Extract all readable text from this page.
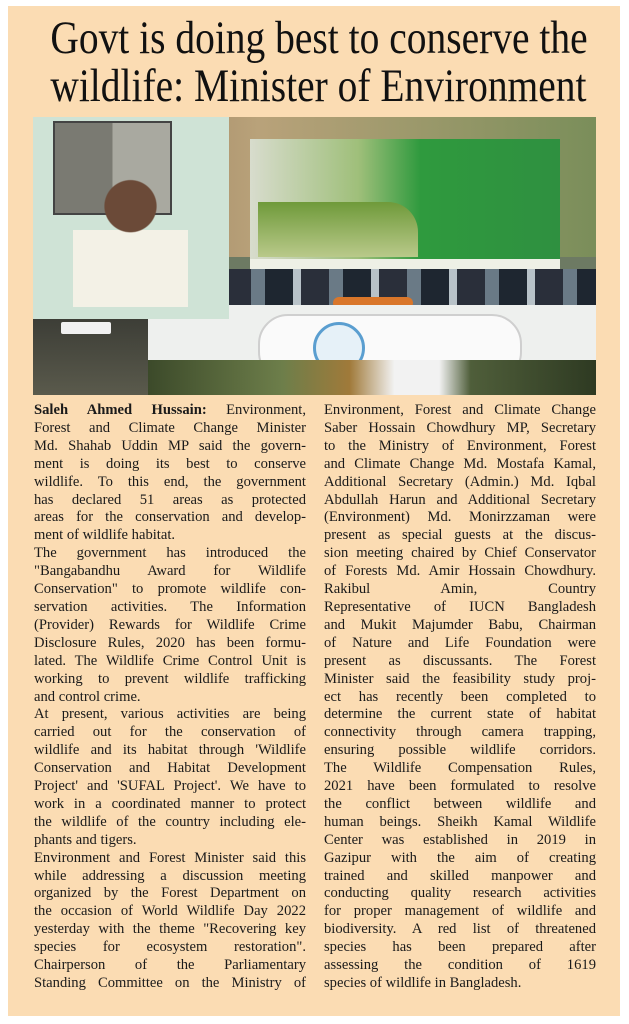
Govt is doing best to conserve the
wildlife: Minister of Environment
Saleh Ahmed Hussain: Environment,
Forest and Climate Change Minister
Md. Shahab Uddin MP said the govern-
ment is doing its best to conserve
wildlife. To this end, the government
has declared 51 areas as protected
areas for the conservation and develop-
ment of wildlife habitat.
The government has introduced the
"Bangabandhu Award for Wildlife
Conservation" to promote wildlife con-
servation activities. The Information
(Provider) Rewards for Wildlife Crime
Disclosure Rules, 2020 has been formu-
lated. The Wildlife Crime Control Unit is
working to prevent wildlife trafficking
and control crime.
At present, various activities are being
carried out for the conservation of
wildlife and its habitat through 'Wildlife
Conservation and Habitat Development
Project' and 'SUFAL Project'. We have to
work in a coordinated manner to protect
the wildlife of the country including ele-
phants and tigers.
Environment and Forest Minister said this
while addressing a discussion meeting
organized by the Forest Department on
the occasion of World Wildlife Day 2022
yesterday with the theme "Recovering key
species for ecosystem restoration".
Chairperson of the Parliamentary
Standing Committee on the Ministry of
Environment, Forest and Climate Change
Saber Hossain Chowdhury MP, Secretary
to the Ministry of Environment, Forest
and Climate Change Md. Mostafa Kamal,
Additional Secretary (Admin.) Md. Iqbal
Abdullah Harun and Additional Secretary
(Environment) Md. Monirzzaman were
present as special guests at the discus-
sion meeting chaired by Chief Conservator
of Forests Md. Amir Hossain Chowdhury.
Rakibul Amin, Country
Representative of IUCN Bangladesh
and Mukit Majumder Babu, Chairman
of Nature and Life Foundation were
present as discussants. The Forest
Minister said the feasibility study proj-
ect has recently been completed to
determine the current state of habitat
connectivity through camera trapping,
ensuring possible wildlife corridors.
The Wildlife Compensation Rules,
2021 have been formulated to resolve
the conflict between wildlife and
human beings. Sheikh Kamal Wildlife
Center was established in 2019 in
Gazipur with the aim of creating
trained and skilled manpower and
conducting quality research activities
for proper management of wildlife and
biodiversity. A red list of threatened
species has been prepared after
assessing the condition of 1619
species of wildlife in Bangladesh.
